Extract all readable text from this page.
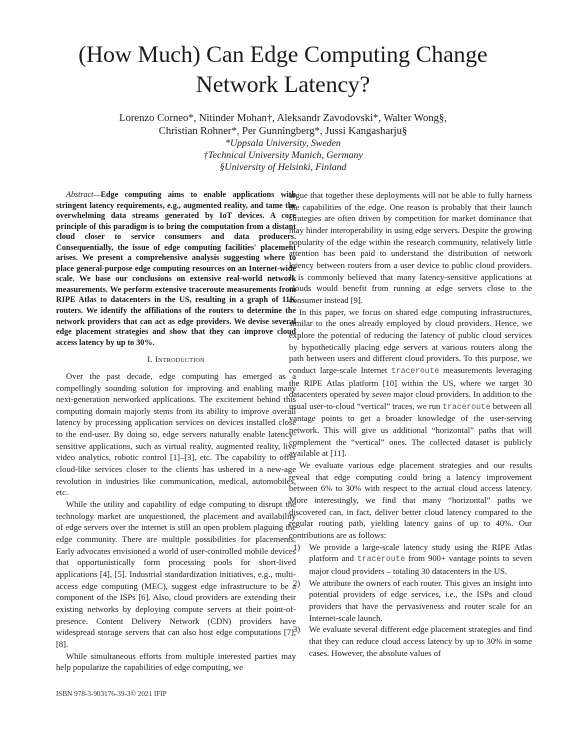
(How Much) Can Edge Computing Change
Network Latency?
Lorenzo Corneo*, Nitinder Mohan†, Aleksandr Zavodovski*, Walter Wong§,
Christian Rohner*, Per Gunningberg*, Jussi Kangasharju§
*Uppsala University, Sweden
†Technical University Munich, Germany
§University of Helsinki, Finland

Abstract—Edge computing aims to enable applications with stringent latency requirements, e.g., augmented reality, and tame the overwhelming data streams generated by IoT devices. A core principle of this paradigm is to bring the computation from a distant cloud closer to service consumers and data producers. Consequentially, the issue of edge computing facilities' placement arises. We present a comprehensive analysis suggesting where to place general-purpose edge computing resources on an Internet-wide scale. We base our conclusions on extensive real-world network measurements. We perform extensive traceroute measurements from RIPE Atlas to datacenters in the US, resulting in a graph of 11K routers. We identify the affiliations of the routers to determine the network providers that can act as edge providers. We devise several edge placement strategies and show that they can improve cloud access latency by up to 30%.

I. Introduction

Over the past decade, edge computing has emerged as a compellingly sounding solution for improving and enabling many next-generation networked applications. The excitement behind this computing domain majorly stems from its ability to improve overall latency by processing application services on devices installed close to the end-user. By doing so, edge servers naturally enable latency-sensitive applications, such as virtual reality, augmented reality, live video analytics, robotic control [1]–[3], etc. The capability to offer cloud-like services closer to the clients has ushered in a new-age revolution in industries like communication, medical, automobiles, etc.

While the utility and capability of edge computing to disrupt the technology market are unquestioned, the placement and availability of edge servers over the internet is still an open problem plaguing the edge community. There are multiple possibilities for placements. Early advocates envisioned a world of user-controlled mobile devices that opportunistically form processing pools for short-lived applications [4], [5]. Industrial standardization initiatives, e.g., multi-access edge computing (MEC), suggest edge infrastructure to be a component of the ISPs [6]. Also, cloud providers are extending their existing networks by deploying compute servers at their point-of-presence. Content Delivery Network (CDN) providers have widespread storage servers that can also host edge computations [7], [8].

While simultaneous efforts from multiple interested parties may help popularize the capabilities of edge computing, we

argue that together these deployments will not be able to fully harness the capabilities of the edge. One reason is probably that their launch strategies are often driven by competition for market dominance that may hinder interoperability in using edge servers. Despite the growing popularity of the edge within the research community, relatively little attention has been paid to understand the distribution of network latency between routers from a user device to public cloud providers. It is commonly believed that many latency-sensitive applications at clouds would benefit from running at edge servers close to the consumer instead [9].

In this paper, we focus on shared edge computing infrastructures, similar to the ones already employed by cloud providers. Hence, we explore the potential of reducing the latency of public cloud services by hypothetically placing edge servers at various routers along the path between users and different cloud providers. To this purpose, we conduct large-scale Internet traceroute measurements leveraging the RIPE Atlas platform [10] within the US, where we target 30 datacenters operated by seven major cloud providers. In addition to the usual user-to-cloud “vertical” traces, we run traceroute between all vantage points to get a broader knowledge of the user-serving network. This will give us additional “horizontal” paths that will complement the “vertical” ones. The collected dataset is publicly available at [11].

We evaluate various edge placement strategies and our results reveal that edge computing could bring a latency improvement between 6% to 30% with respect to the actual cloud access latency. More interestingly, we find that many “horizontal” paths we discovered can, in fact, deliver better cloud latency compared to the regular routing path, yielding latency gains of up to 40%. Our contributions are as follows:

1) We provide a large-scale latency study using the RIPE Atlas platform and traceroute from 900+ vantage points to seven major cloud providers – totaling 30 datacenters in the US.
2) We attribute the owners of each router. This gives an insight into potential providers of edge services, i.e., the ISPs and cloud providers that have the pervasiveness and router scale for an Internet-scale launch.
3) We evaluate several different edge placement strategies and find that they can reduce cloud access latency by up to 30% in some cases. However, the absolute values of
ISBN 978-3-903176-39-3© 2021 IFIP
